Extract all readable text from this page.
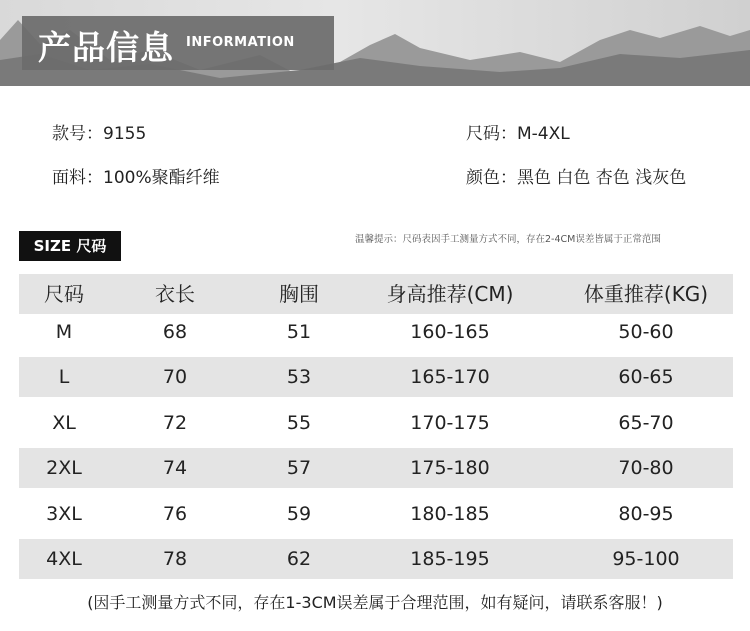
产品信息 INFORMATION
款号：9155	尺码：M-4XL
面料：100%聚酯纤维	颜色：黑色 白色 杏色 浅灰色
SIZE 尺码	温馨提示：尺码表因手工测量方式不同，存在2-4CM误差皆属于正常范围
尺码	衣长	胸围	身高推荐(CM)	体重推荐(KG)
M	68	51	160-165	50-60
L	70	53	165-170	60-65
XL	72	55	170-175	65-70
2XL	74	57	175-180	70-80
3XL	76	59	180-185	80-95
4XL	78	62	185-195	95-100
(因手工测量方式不同，存在1-3CM误差属于合理范围，如有疑问，请联系客服！)
